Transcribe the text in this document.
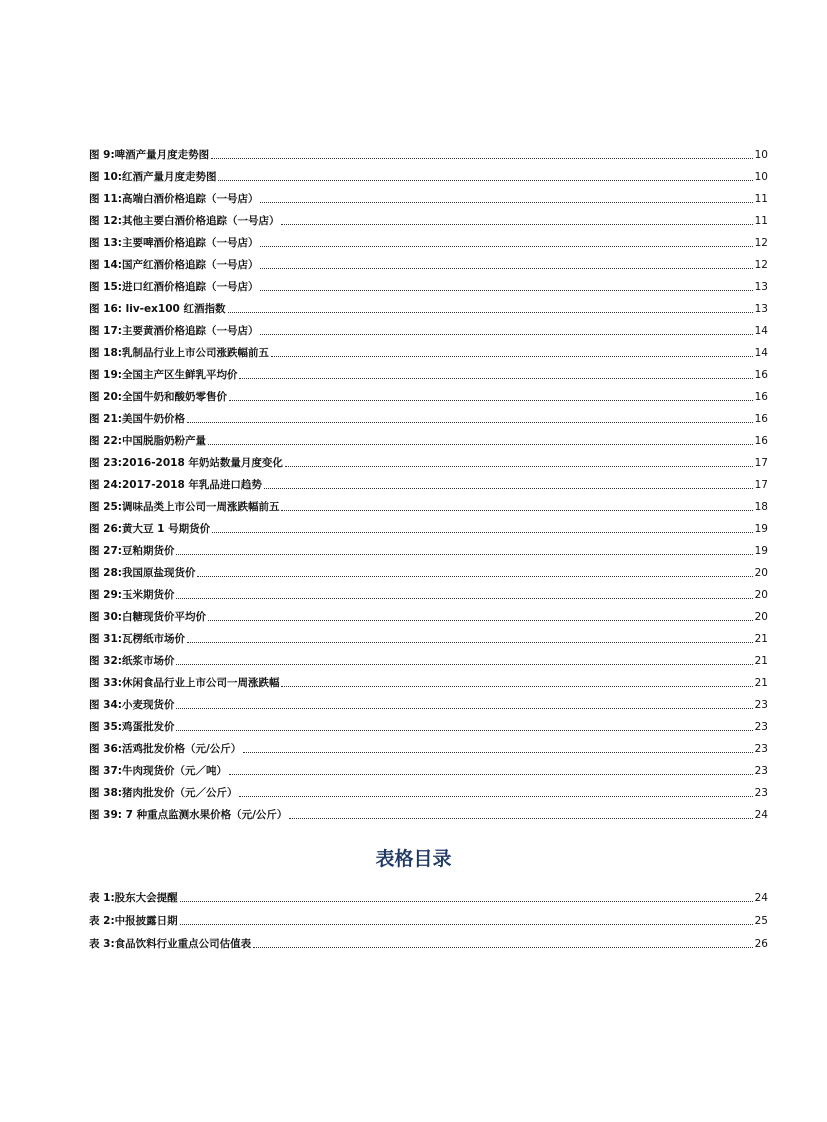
图 9:啤酒产量月度走势图	10
图 10:红酒产量月度走势图	10
图 11:高端白酒价格追踪（一号店）	11
图 12:其他主要白酒价格追踪（一号店）	11
图 13:主要啤酒价格追踪（一号店）	12
图 14:国产红酒价格追踪（一号店）	12
图 15:进口红酒价格追踪（一号店）	13
图 16: liv-ex100 红酒指数	13
图 17:主要黄酒价格追踪（一号店）	14
图 18:乳制品行业上市公司涨跌幅前五	14
图 19:全国主产区生鲜乳平均价	16
图 20:全国牛奶和酸奶零售价	16
图 21:美国牛奶价格	16
图 22:中国脱脂奶粉产量	16
图 23:2016-2018 年奶站数量月度变化	17
图 24:2017-2018 年乳品进口趋势	17
图 25:调味品类上市公司一周涨跌幅前五	18
图 26:黄大豆 1 号期货价	19
图 27:豆粕期货价	19
图 28:我国原盐现货价	20
图 29:玉米期货价	20
图 30:白糖现货价平均价	20
图 31:瓦楞纸市场价	21
图 32:纸浆市场价	21
图 33:休闲食品行业上市公司一周涨跌幅	21
图 34:小麦现货价	23
图 35:鸡蛋批发价	23
图 36:活鸡批发价格（元/公斤）	23
图 37:牛肉现货价（元／吨）	23
图 38:猪肉批发价（元／公斤）	23
图 39: 7 种重点监测水果价格（元/公斤）	24
表格目录
表 1:股东大会提醒	24
表 2:中报披露日期	25
表 3:食品饮料行业重点公司估值表	26
